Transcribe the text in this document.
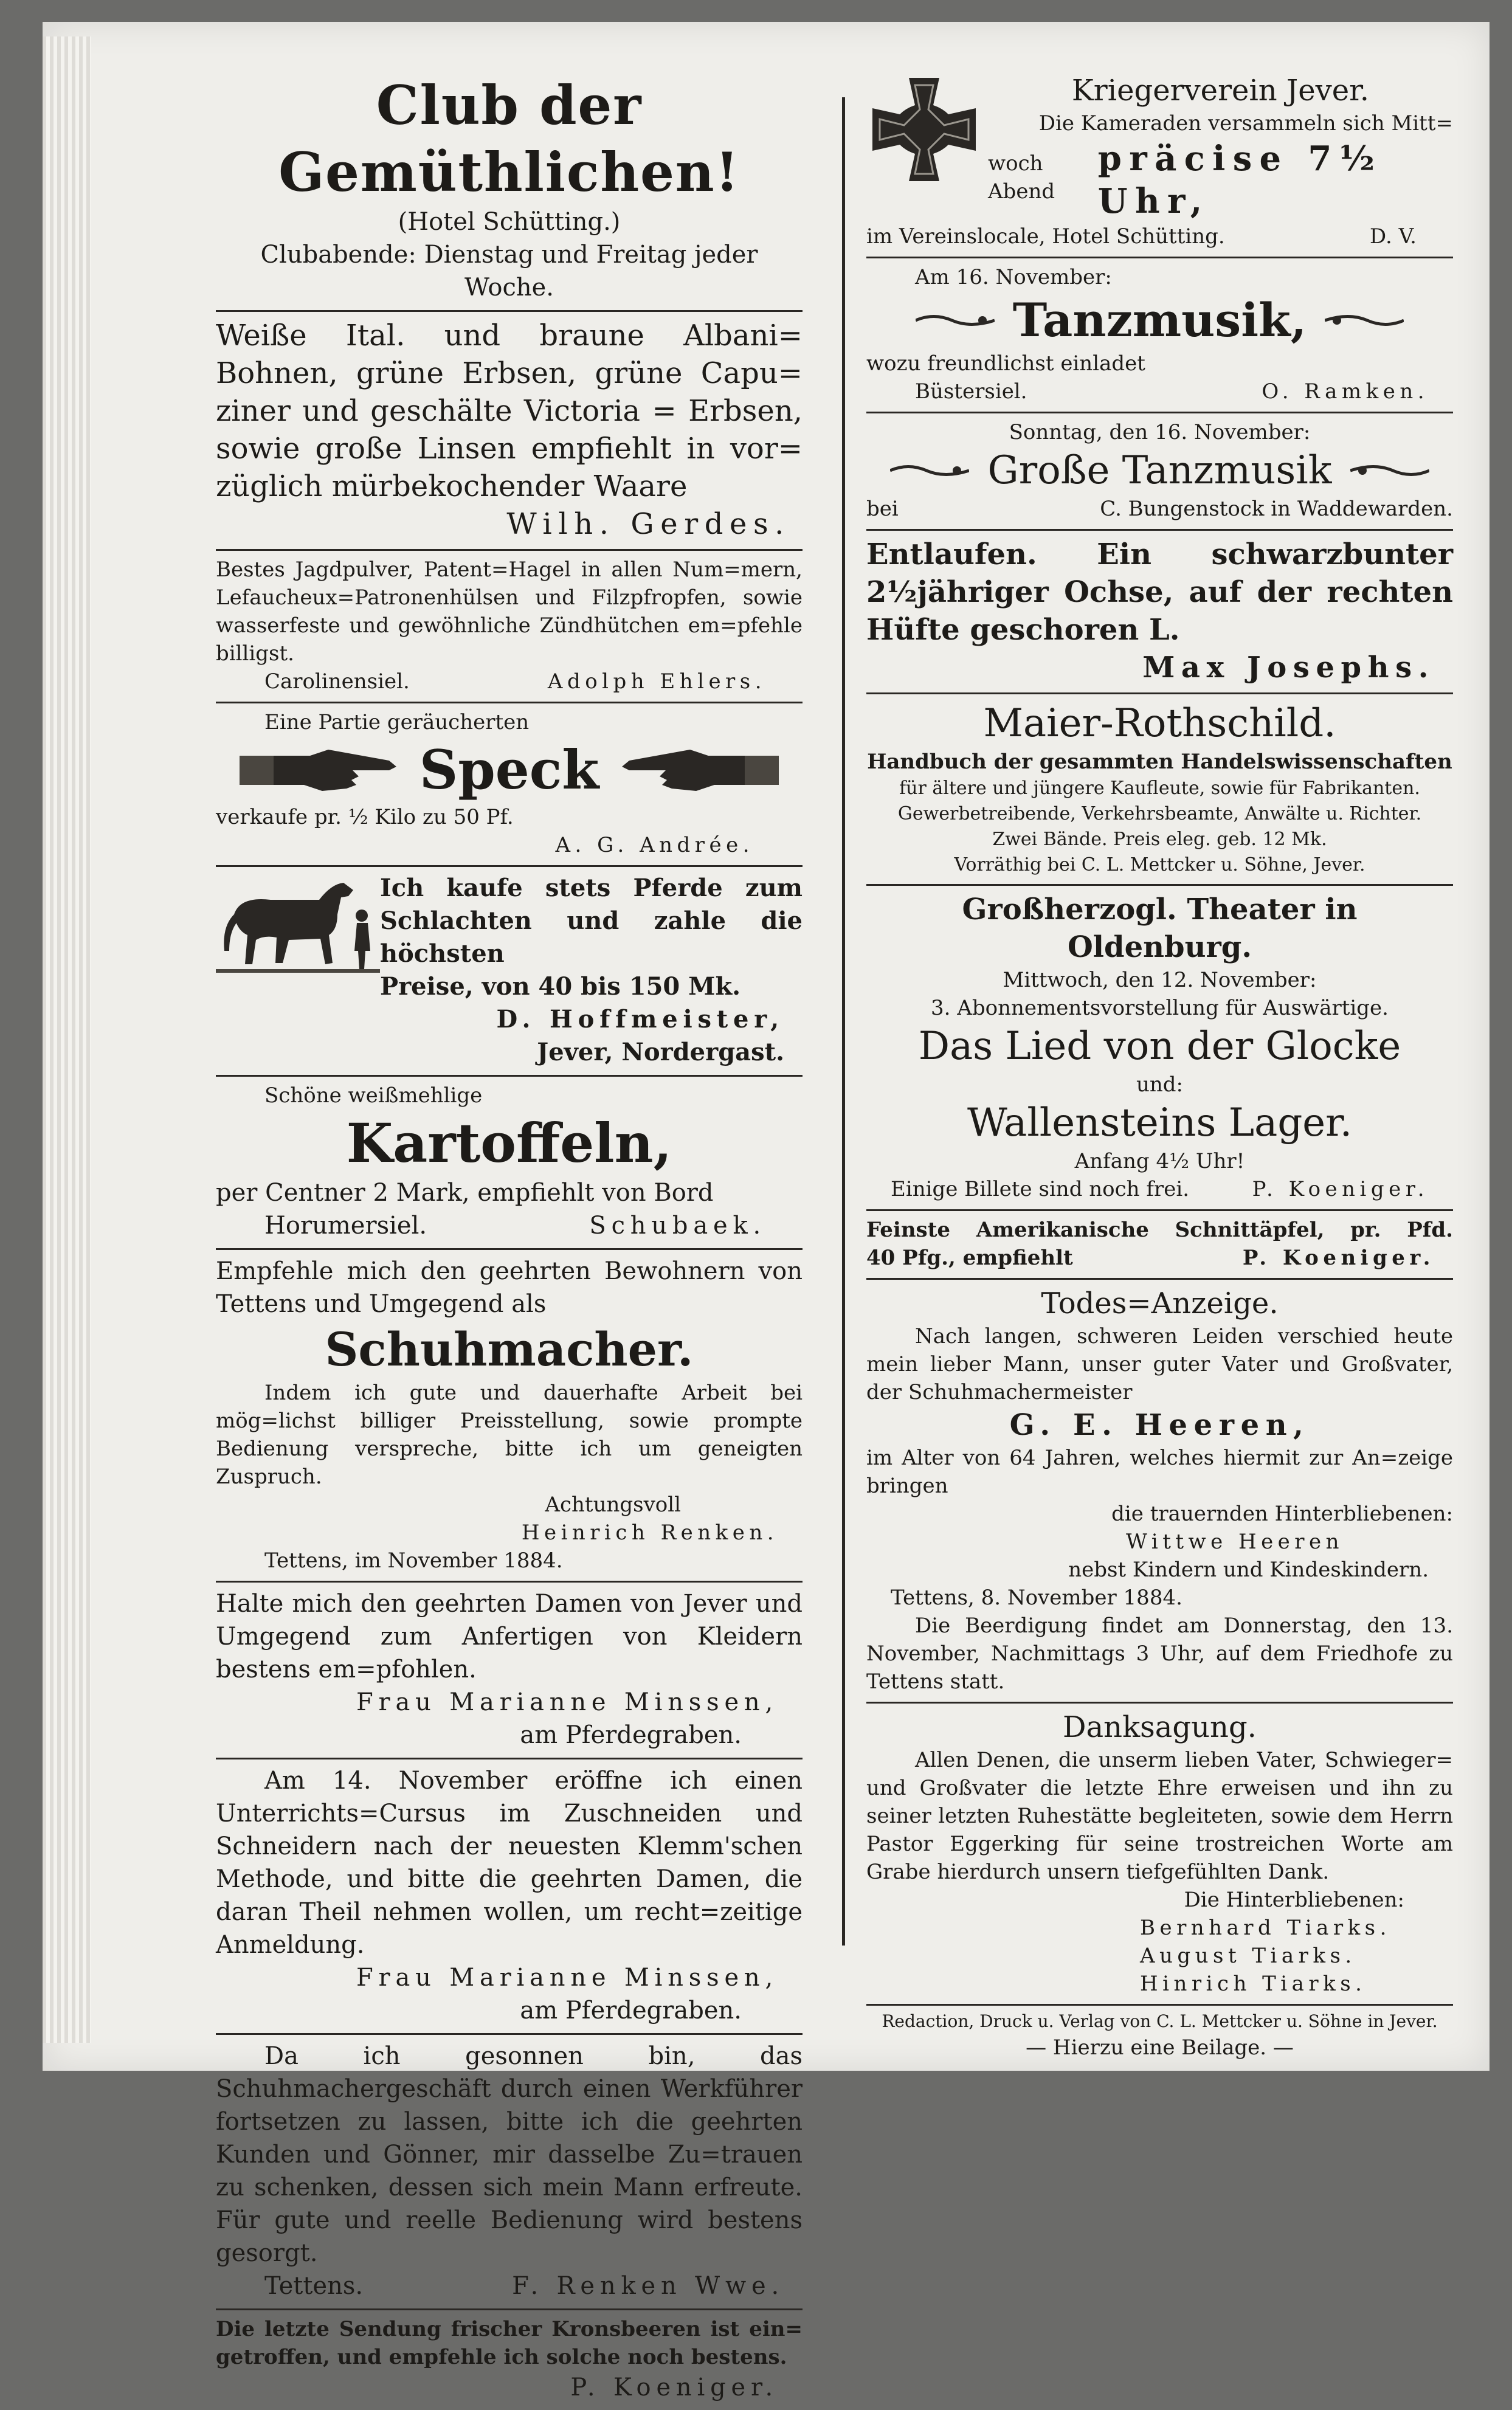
Club der Gemüthlichen!
(Hotel Schütting.)
Clubabende: Dienstag und Freitag jeder Woche.
Weiße Ital. und braune Albani=
Bohnen, grüne Erbsen, grüne Capu=
ziner und geschälte Victoria = Erbsen,
sowie große Linsen empfiehlt in vor=
züglich mürbekochender Waare
Wilh. Gerdes.
Bestes Jagdpulver, Patent=Hagel in allen Num=mern, Lefaucheux=Patronenhülsen und Filzpfropfen, sowie wasserfeste und gewöhnliche Zündhütchen em=pfehle billigst.
Carolinensiel.	Adolph Ehlers.
Eine Partie geräucherten
Speck
verkaufe pr. ½ Kilo zu 50 Pf.
A. G. Andrée.
Ich kaufe stets Pferde zum
Schlachten und zahle die höchsten
Preise, von 40 bis 150 Mk.
D. Hoffmeister,
Jever, Nordergast.
Schöne weißmehlige
Kartoffeln,
per Centner 2 Mark, empfiehlt von Bord
Horumersiel.	Schubaek.
Empfehle mich den geehrten Bewohnern von Tettens und Umgegend als
Schuhmacher.
Indem ich gute und dauerhafte Arbeit bei mög=lichst billiger Preisstellung, sowie prompte Bedienung verspreche, bitte ich um geneigten Zuspruch.
Achtungsvoll
Heinrich Renken.
Tettens, im November 1884.
Halte mich den geehrten Damen von Jever und Umgegend zum Anfertigen von Kleidern bestens em=pfohlen.
Frau Marianne Minssen,
am Pferdegraben.
Am 14. November eröffne ich einen Unterrichts=Cursus im Zuschneiden und Schneidern nach der neuesten Klemm'schen Methode, und bitte die geehrten Damen, die daran Theil nehmen wollen, um recht=zeitige Anmeldung.
Frau Marianne Minssen,
am Pferdegraben.
Da ich gesonnen bin, das Schuhmachergeschäft durch einen Werkführer fortsetzen zu lassen, bitte ich die geehrten Kunden und Gönner, mir dasselbe Zu=trauen zu schenken, dessen sich mein Mann erfreute. Für gute und reelle Bedienung wird bestens gesorgt.
Tettens.	F. Renken Wwe.
Die letzte Sendung frischer Kronsbeeren ist ein=
getroffen, und empfehle ich solche noch bestens.
P. Koeniger.
Kriegerverein Jever.
Die Kameraden versammeln sich Mitt=
woch Abend
präcise 7½ Uhr,
im Vereinslocale, Hotel Schütting.	D. V.
Am 16. November:
Tanzmusik,
wozu freundlichst einladet
Büstersiel.	O. Ramken.
Sonntag, den 16. November:
Große Tanzmusik
bei	C. Bungenstock in Waddewarden.
Entlaufen. Ein schwarzbunter
2½jähriger Ochse, auf der rechten
Hüfte geschoren L.
Max Josephs.
Maier-Rothschild.
Handbuch der gesammten Handelswissenschaften
für ältere und jüngere Kaufleute, sowie für Fabrikanten.
Gewerbetreibende, Verkehrsbeamte, Anwälte u. Richter.
Zwei Bände. Preis eleg. geb. 12 Mk.
Vorräthig bei C. L. Mettcker u. Söhne, Jever.
Großherzogl. Theater in Oldenburg.
Mittwoch, den 12. November:
3. Abonnementsvorstellung für Auswärtige.
Das Lied von der Glocke
und:
Wallensteins Lager.
Anfang 4½ Uhr!
Einige Billete sind noch frei.	P. Koeniger.
Feinste Amerikanische Schnittäpfel, pr. Pfd.
40 Pfg., empfiehlt	P. Koeniger.
Todes=Anzeige.
Nach langen, schweren Leiden verschied heute mein lieber Mann, unser guter Vater und Großvater, der Schuhmachermeister
G. E. Heeren,
im Alter von 64 Jahren, welches hiermit zur An=zeige bringen
die trauernden Hinterbliebenen:
Wittwe Heeren
nebst Kindern und Kindeskindern.
Tettens, 8. November 1884.
Die Beerdigung findet am Donnerstag, den 13. November, Nachmittags 3 Uhr, auf dem Friedhofe zu Tettens statt.
Danksagung.
Allen Denen, die unserm lieben Vater, Schwieger= und Großvater die letzte Ehre erweisen und ihn zu seiner letzten Ruhestätte begleiteten, sowie dem Herrn Pastor Eggerking für seine trostreichen Worte am Grabe hierdurch unsern tiefgefühlten Dank.
Die Hinterbliebenen:
Bernhard Tiarks.
August Tiarks.
Hinrich Tiarks.
Redaction, Druck u. Verlag von C. L. Mettcker u. Söhne in Jever.
— Hierzu eine Beilage. —
